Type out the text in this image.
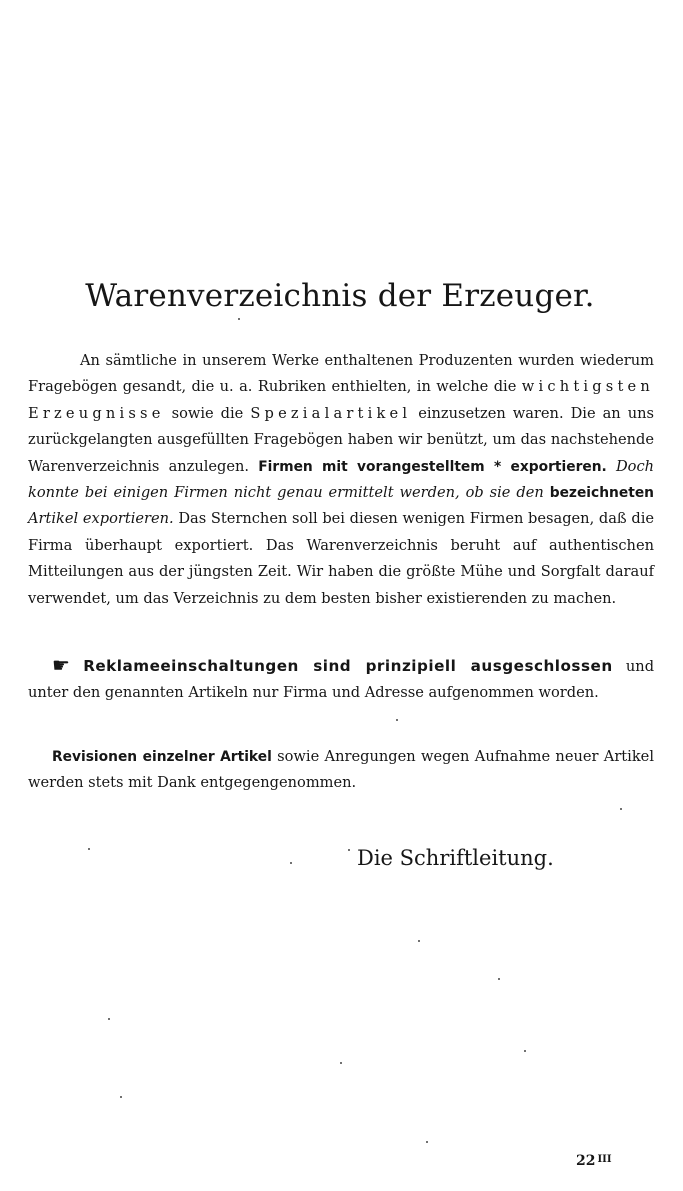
Warenverzeichnis der Erzeuger.

An sämtliche in unserem Werke enthaltenen Produzenten wurden wiederum Fragebögen gesandt, die u. a. Rubriken enthielten, in welche die wichtigsten Erzeugnisse sowie die Spezialartikel einzusetzen waren. Die an uns zurückgelangten ausgefüllten Fragebögen haben wir benützt, um das nachstehende Warenverzeichnis anzulegen. Firmen mit vorangestelltem * exportieren. Doch konnte bei einigen Firmen nicht genau ermittelt werden, ob sie den bezeichneten Artikel exportieren. Das Sternchen soll bei diesen wenigen Firmen besagen, daß die Firma überhaupt exportiert. Das Warenverzeichnis beruht auf authentischen Mitteilungen aus der jüngsten Zeit. Wir haben die größte Mühe und Sorgfalt darauf verwendet, um das Verzeichnis zu dem besten bisher existierenden zu machen.

☛ Reklameeinschaltungen sind prinzipiell ausgeschlossen und unter den genannten Artikeln nur Firma und Adresse aufgenommen worden.

Revisionen einzelner Artikel sowie Anregungen wegen Aufnahme neuer Artikel werden stets mit Dank entgegengenommen.

Die Schriftleitung.

22 $^{III}$
